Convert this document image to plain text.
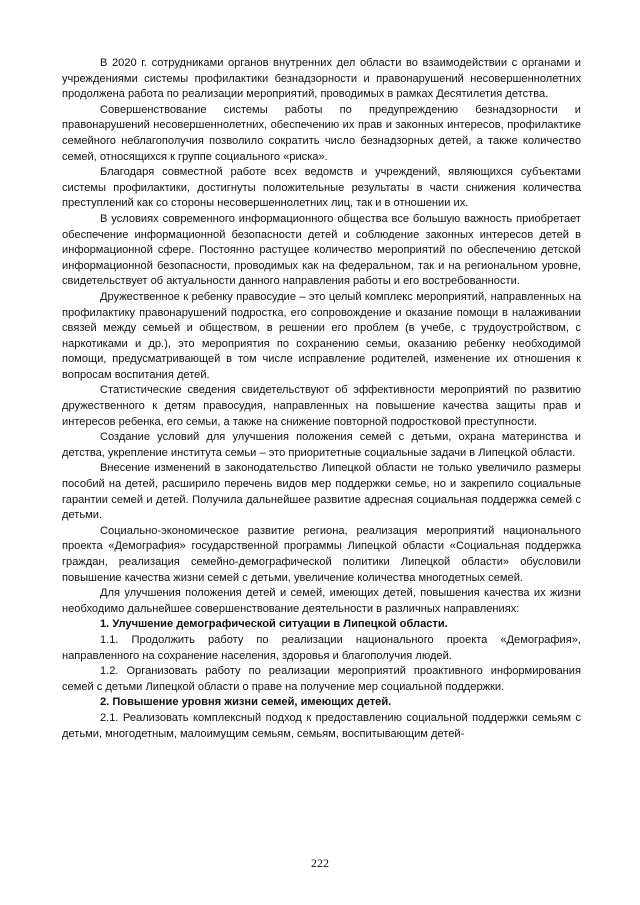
В 2020 г. сотрудниками органов внутренних дел области во взаимодействии с органами и учреждениями системы профилактики безнадзорности и правонарушений несовершеннолетних продолжена работа по реализации мероприятий, проводимых в рамках Десятилетия детства.

Совершенствование системы работы по предупреждению безнадзорности и правонарушений несовершеннолетних, обеспечению их прав и законных интересов, профилактике семейного неблагополучия позволило сократить число безнадзорных детей, а также количество семей, относящихся к группе социального «риска».

Благодаря совместной работе всех ведомств и учреждений, являющихся субъектами системы профилактики, достигнуты положительные результаты в части снижения количества преступлений как со стороны несовершеннолетних лиц, так и в отношении их.

В условиях современного информационного общества все большую важность приобретает обеспечение информационной безопасности детей и соблюдение законных интересов детей в информационной сфере. Постоянно растущее количество мероприятий по обеспечению детской информационной безопасности, проводимых как на федеральном, так и на региональном уровне, свидетельствует об актуальности данного направления работы и его востребованности.

Дружественное к ребенку правосудие – это целый комплекс мероприятий, направленных на профилактику правонарушений подростка, его сопровождение и оказание помощи в налаживании связей между семьей и обществом, в решении его проблем (в учебе, с трудоустройством, с наркотиками и др.), это мероприятия по сохранению семьи, оказанию ребенку необходимой помощи, предусматривающей в том числе исправление родителей, изменение их отношения к вопросам воспитания детей.

Статистические сведения свидетельствуют об эффективности мероприятий по развитию дружественного к детям правосудия, направленных на повышение качества защиты прав и интересов ребенка, его семьи, а также на снижение повторной подростковой преступности.

Создание условий для улучшения положения семей с детьми, охрана материнства и детства, укрепление института семьи – это приоритетные социальные задачи в Липецкой области.

Внесение изменений в законодательство Липецкой области не только увеличило размеры пособий на детей, расширило перечень видов мер поддержки семье, но и закрепило социальные гарантии семей и детей. Получила дальнейшее развитие адресная социальная поддержка семей с детьми.

Социально-экономическое развитие региона, реализация мероприятий национального проекта «Демография» государственной программы Липецкой области «Социальная поддержка граждан, реализация семейно-демографической политики Липецкой области» обусловили повышение качества жизни семей с детьми, увеличение количества многодетных семей.

Для улучшения положения детей и семей, имеющих детей, повышения качества их жизни необходимо дальнейшее совершенствование деятельности в различных направлениях:

1. Улучшение демографической ситуации в Липецкой области.

1.1. Продолжить работу по реализации национального проекта «Демография», направленного на сохранение населения, здоровья и благополучия людей.

1.2. Организовать работу по реализации мероприятий проактивного информирования семей с детьми Липецкой области о праве на получение мер социальной поддержки.

2. Повышение уровня жизни семей, имеющих детей.

2.1. Реализовать комплексный подход к предоставлению социальной поддержки семьям с детьми, многодетным, малоимущим семьям, семьям, воспитывающим детей-

222
